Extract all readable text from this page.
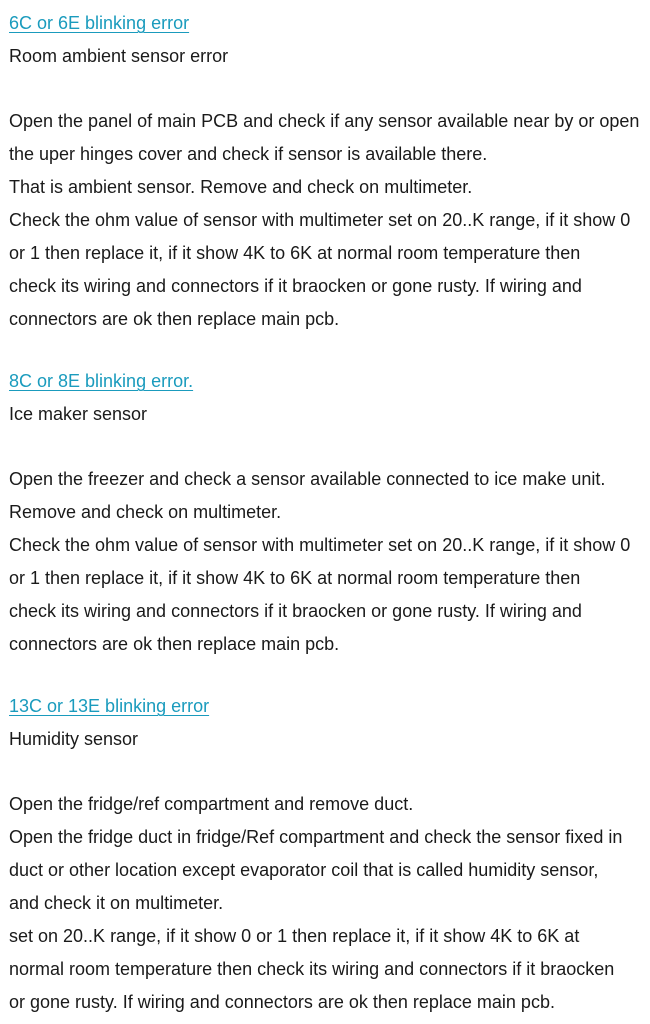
6C or 6E blinking error
Room ambient sensor error
Open the panel of main PCB and check if any sensor available near by or open
the uper hinges cover and check if sensor is available there.
That is ambient sensor. Remove and check on multimeter.
Check the ohm value of sensor with multimeter set on 20..K range, if it show 0
or 1 then replace it, if it show 4K to 6K at normal room temperature then
check its wiring and connectors if it braocken or gone rusty. If wiring and
connectors are ok then replace main pcb.
8C or 8E blinking error.
Ice maker sensor
Open the freezer and check a sensor available connected to ice make unit.
Remove and check on multimeter.
Check the ohm value of sensor with multimeter set on 20..K range, if it show 0
or 1 then replace it, if it show 4K to 6K at normal room temperature then
check its wiring and connectors if it braocken or gone rusty. If wiring and
connectors are ok then replace main pcb.
13C or 13E blinking error
Humidity sensor
Open the fridge/ref compartment and remove duct.
Open the fridge duct in fridge/Ref compartment and check the sensor fixed in
duct or other location except evaporator coil that is called humidity sensor,
and check it on multimeter.
set on 20..K range, if it show 0 or 1 then replace it, if it show 4K to 6K at
normal room temperature then check its wiring and connectors if it braocken
or gone rusty. If wiring and connectors are ok then replace main pcb.
